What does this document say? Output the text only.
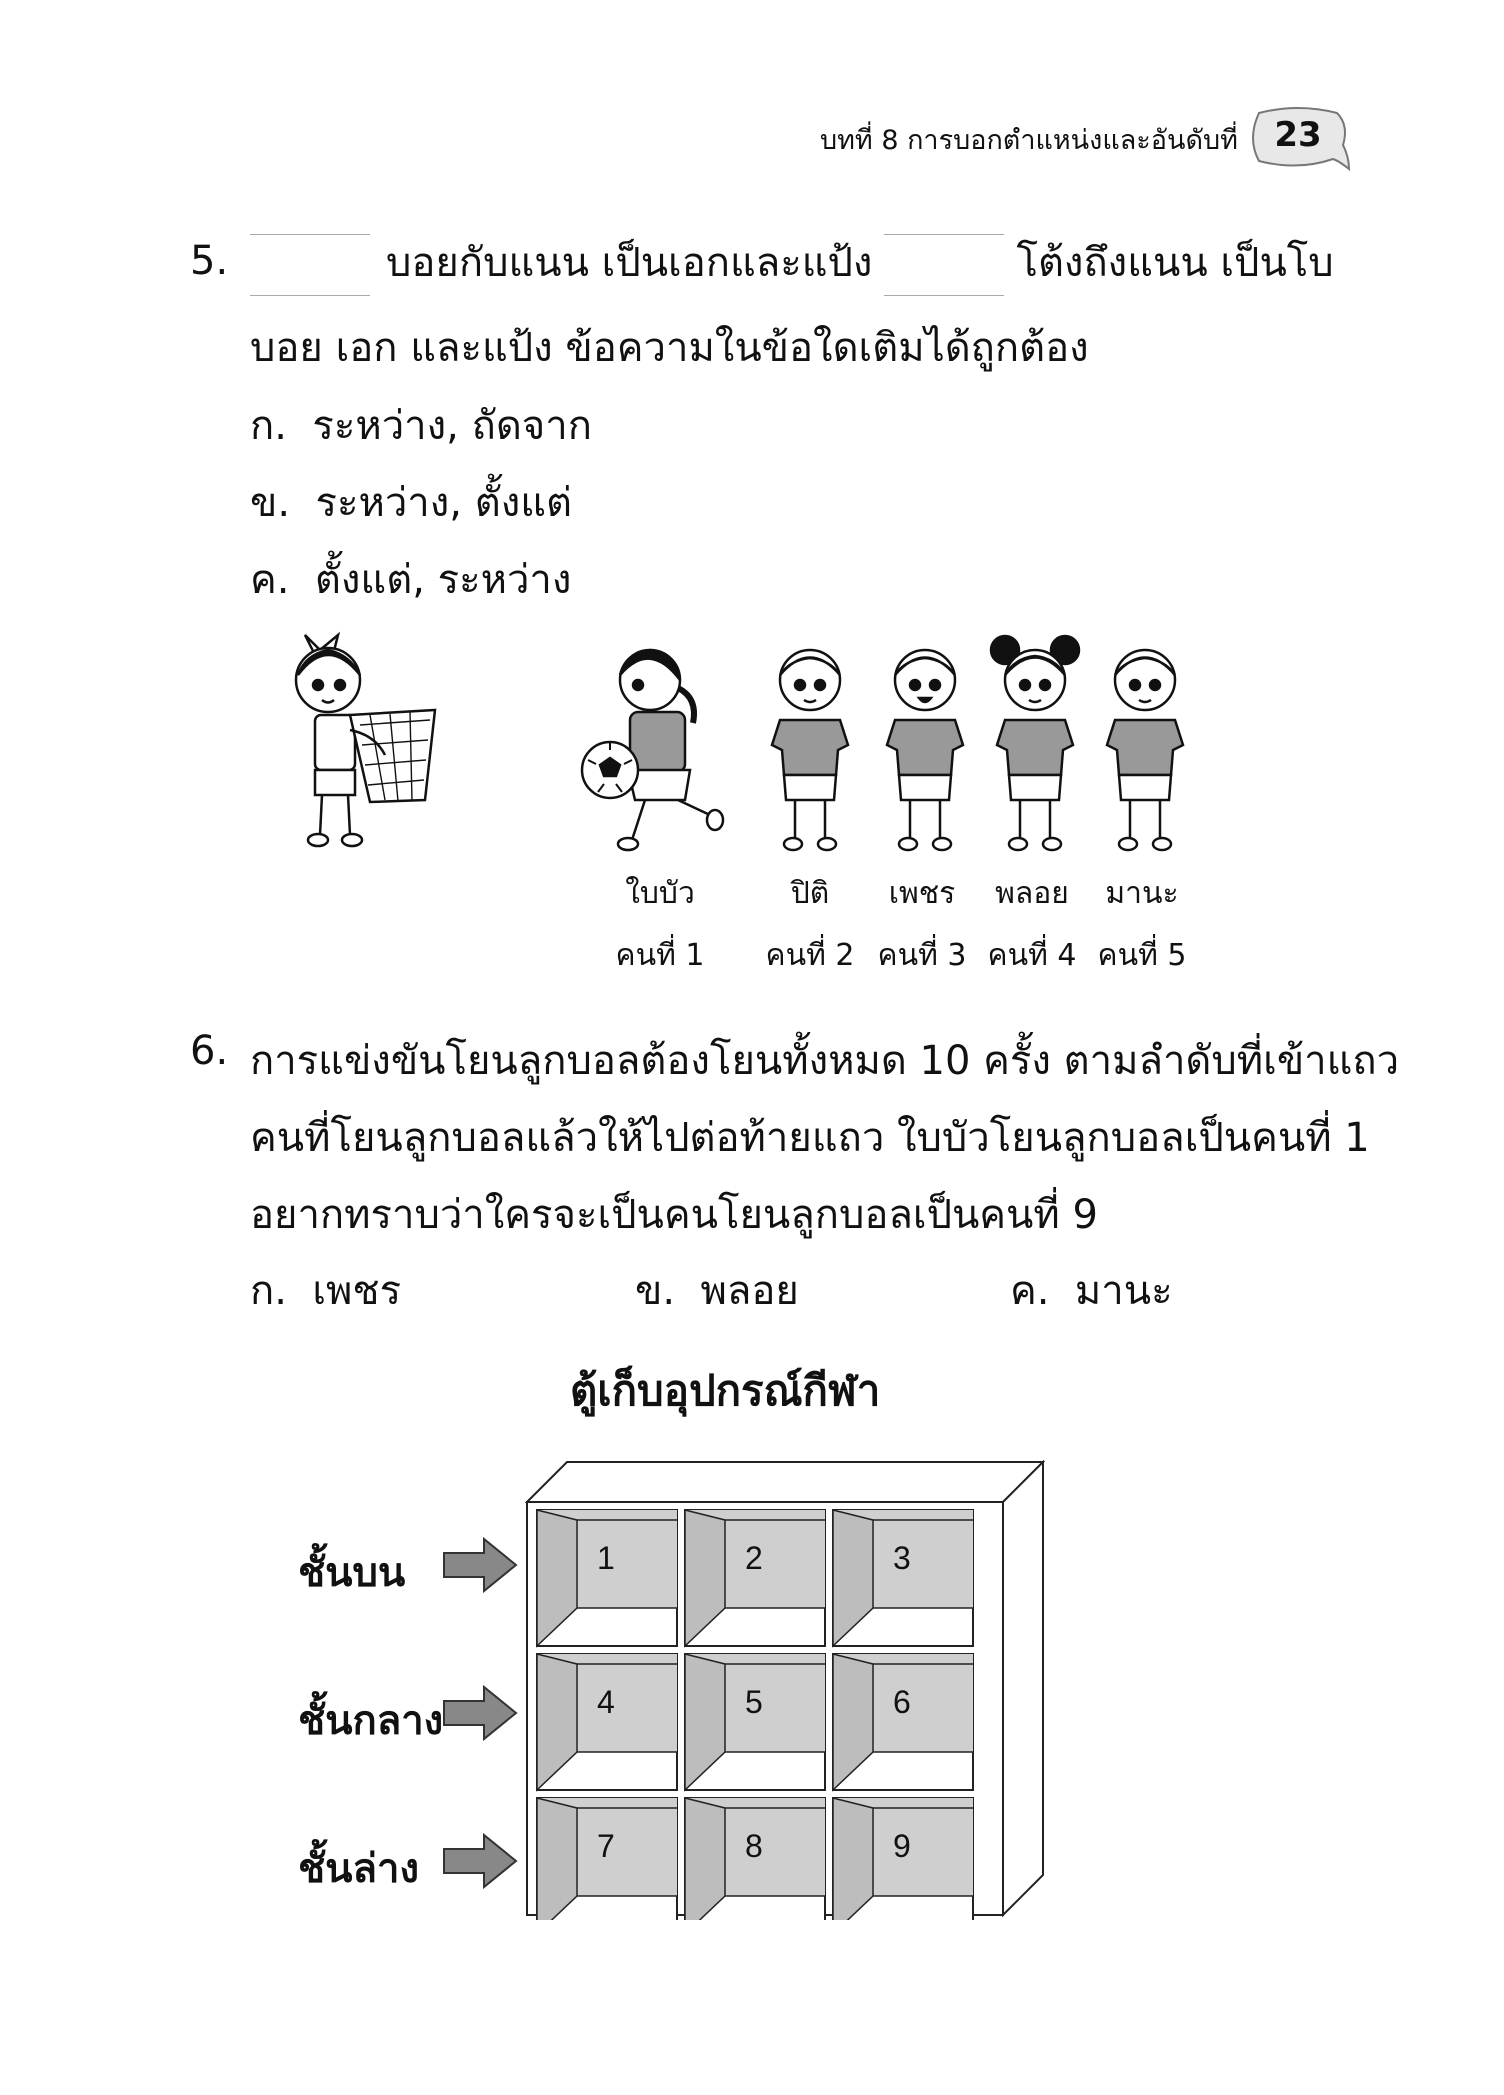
บทที่ 8 การบอกตำแหน่งและอันดับที่	23
5.	บอยกับแนน เป็นเอกและแป้ง	โต้งถึงแนน เป็นโบ
บอย เอก และแป้ง ข้อความในข้อใดเติมได้ถูกต้อง
ก. ระหว่าง, ถัดจาก
ข. ระหว่าง, ตั้งแต่
ค. ตั้งแต่, ระหว่าง
ใบบัว
คนที่ 1
ปิติ
คนที่ 2
เพชร
คนที่ 3
พลอย
คนที่ 4
มานะ
คนที่ 5
6. การแข่งขันโยนลูกบอลต้องโยนทั้งหมด 10 ครั้ง ตามลำดับที่เข้าแถว
คนที่โยนลูกบอลแล้วให้ไปต่อท้ายแถว ใบบัวโยนลูกบอลเป็นคนที่ 1
อยากทราบว่าใครจะเป็นคนโยนลูกบอลเป็นคนที่ 9
ก. เพชร	ข. พลอย	ค. มานะ
ตู้เก็บอุปกรณ์กีฬา
ชั้นบน
ชั้นกลาง
ชั้นล่าง
1	2	3
4	5	6
7	8	9
